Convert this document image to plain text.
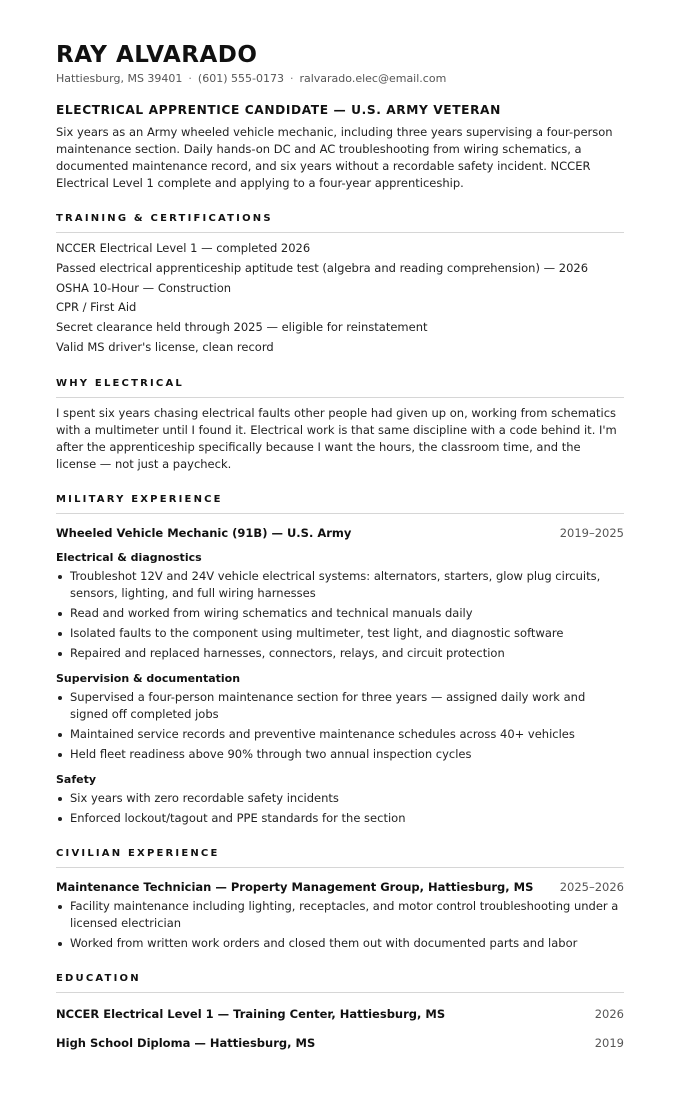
RAY ALVARADO
Hattiesburg, MS 39401 · (601) 555-0173 · ralvarado.elec@email.com
ELECTRICAL APPRENTICE CANDIDATE — U.S. ARMY VETERAN
Six years as an Army wheeled vehicle mechanic, including three years supervising a four-person maintenance section. Daily hands-on DC and AC troubleshooting from wiring schematics, a documented maintenance record, and six years without a recordable safety incident. NCCER Electrical Level 1 complete and applying to a four-year apprenticeship.
TRAINING & CERTIFICATIONS
NCCER Electrical Level 1 — completed 2026
Passed electrical apprenticeship aptitude test (algebra and reading comprehension) — 2026
OSHA 10-Hour — Construction
CPR / First Aid
Secret clearance held through 2025 — eligible for reinstatement
Valid MS driver's license, clean record
WHY ELECTRICAL
I spent six years chasing electrical faults other people had given up on, working from schematics with a multimeter until I found it. Electrical work is that same discipline with a code behind it. I'm after the apprenticeship specifically because I want the hours, the classroom time, and the license — not just a paycheck.
MILITARY EXPERIENCE
Wheeled Vehicle Mechanic (91B) — U.S. Army	2019–2025
Electrical & diagnostics
Troubleshot 12V and 24V vehicle electrical systems: alternators, starters, glow plug circuits, sensors, lighting, and full wiring harnesses
Read and worked from wiring schematics and technical manuals daily
Isolated faults to the component using multimeter, test light, and diagnostic software
Repaired and replaced harnesses, connectors, relays, and circuit protection
Supervision & documentation
Supervised a four-person maintenance section for three years — assigned daily work and signed off completed jobs
Maintained service records and preventive maintenance schedules across 40+ vehicles
Held fleet readiness above 90% through two annual inspection cycles
Safety
Six years with zero recordable safety incidents
Enforced lockout/tagout and PPE standards for the section
CIVILIAN EXPERIENCE
Maintenance Technician — Property Management Group, Hattiesburg, MS 2025–2026
Facility maintenance including lighting, receptacles, and motor control troubleshooting under a licensed electrician
Worked from written work orders and closed them out with documented parts and labor
EDUCATION
NCCER Electrical Level 1 — Training Center, Hattiesburg, MS	2026
High School Diploma — Hattiesburg, MS	2019
